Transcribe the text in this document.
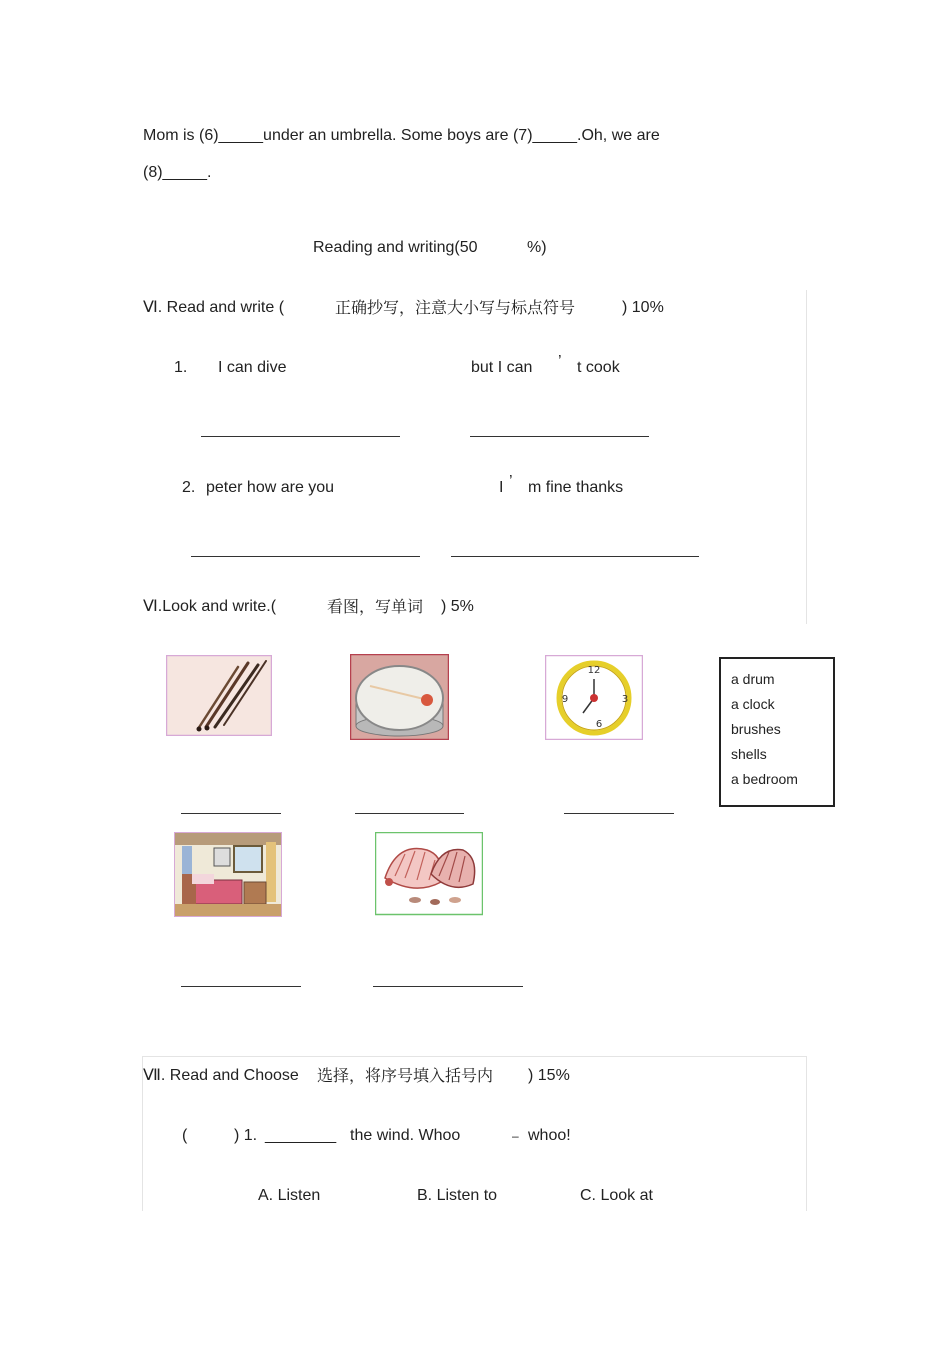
Mom is (6)_____under an umbrella. Some boys are (7)_____.Oh, we are
(8)_____.
Reading and writing(50	%)
Ⅵ. Read and write (	正确抄写，注意大小写与标点符号	) 10%
1. I can dive	but I can ’ t cook
2. peter how are you	I ’ m fine thanks
Ⅵ.Look and write.(	看图，写单词 ) 5%
12
3
6
9
a drum
a clock
brushes
shells
a bedroom
Ⅶ. Read and Choose 选择，将序号填入括号内 ) 15%
(	) 1. ________ the wind. Whoo	– whoo!
A. Listen	B. Listen to	C. Look at
